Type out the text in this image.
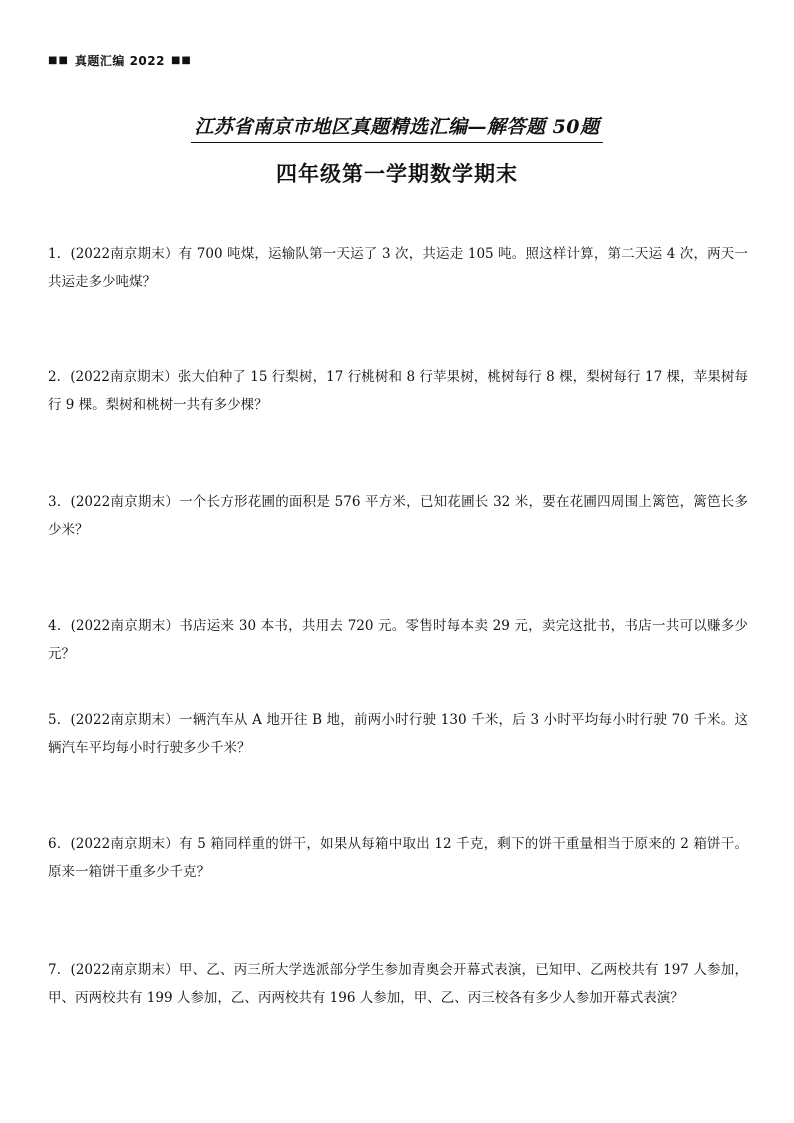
■■ 真题汇编 2022 ■■
江苏省南京市地区真题精选汇编—解答题 50题
四年级第一学期数学期末
1．(2022南京期末）有 700 吨煤，运输队第一天运了 3 次，共运走 105 吨。照这样计算，第二天运 4 次，两天一共运走多少吨煤？
2．(2022南京期末）张大伯种了 15 行梨树，17 行桃树和 8 行苹果树，桃树每行 8 棵，梨树每行 17 棵，苹果树每行 9 棵。梨树和桃树一共有多少棵？
3．(2022南京期末）一个长方形花圃的面积是 576 平方米，已知花圃长 32 米，要在花圃四周围上篱笆，篱笆长多少米？
4．(2022南京期末）书店运来 30 本书，共用去 720 元。零售时每本卖 29 元，卖完这批书，书店一共可以赚多少元？
5．(2022南京期末）一辆汽车从 A 地开往 B 地，前两小时行驶 130 千米，后 3 小时平均每小时行驶 70 千米。这辆汽车平均每小时行驶多少千米？
6．(2022南京期末）有 5 箱同样重的饼干，如果从每箱中取出 12 千克，剩下的饼干重量相当于原来的 2 箱饼干。原来一箱饼干重多少千克？
7．(2022南京期末）甲、乙、丙三所大学选派部分学生参加青奥会开幕式表演，已知甲、乙两校共有 197 人参加，甲、丙两校共有 199 人参加，乙、丙两校共有 196 人参加，甲、乙、丙三校各有多少人参加开幕式表演？
